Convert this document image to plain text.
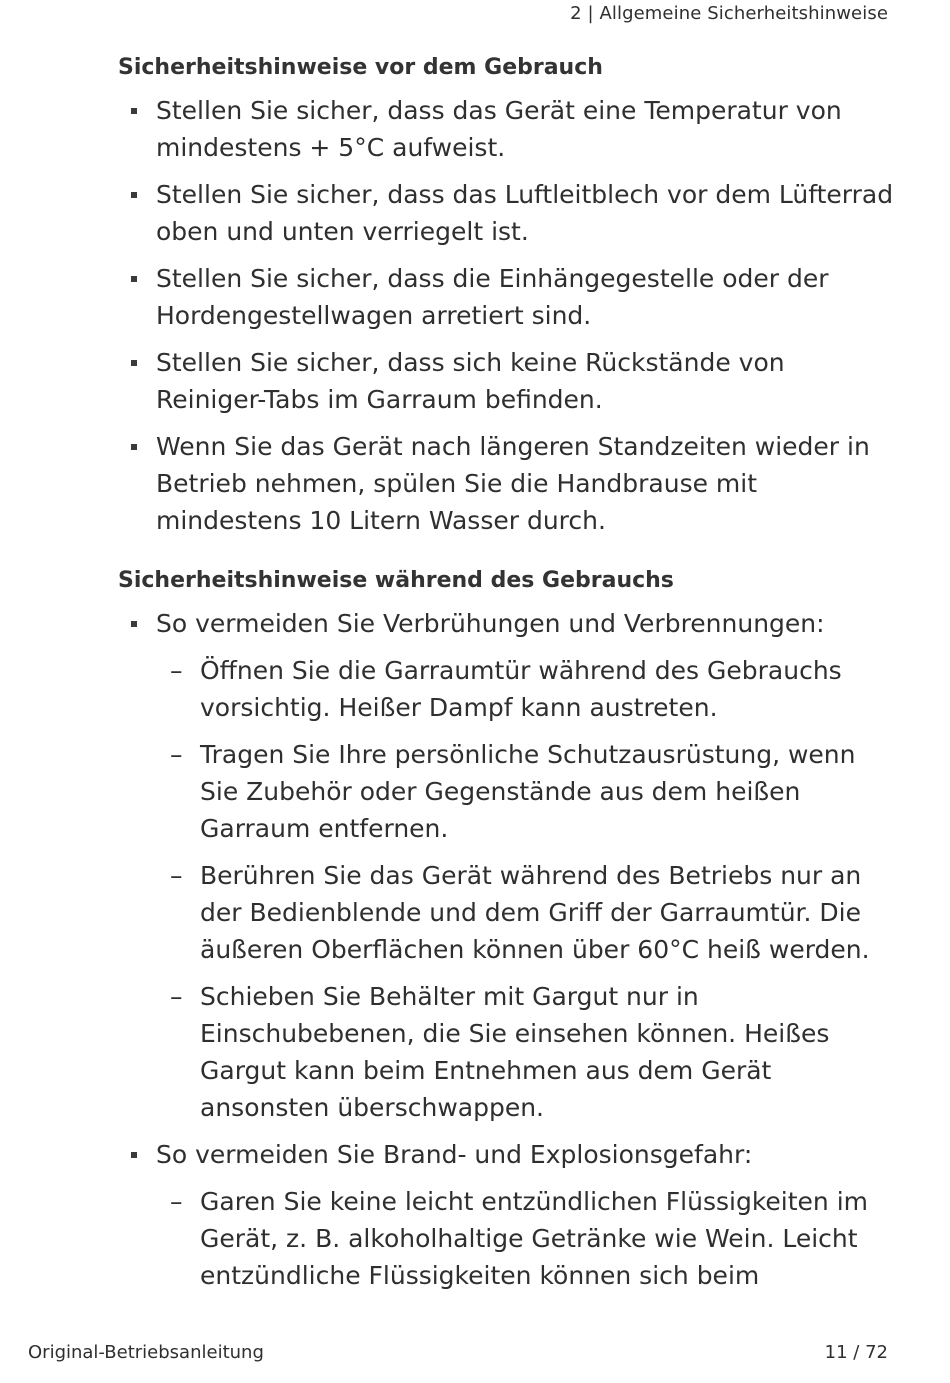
2 | Allgemeine Sicherheitshinweise
Sicherheitshinweise vor dem Gebrauch
Stellen Sie sicher, dass das Gerät eine Temperatur von mindestens + 5°C aufweist.
Stellen Sie sicher, dass das Luftleitblech vor dem Lüfterrad oben und unten verriegelt ist.
Stellen Sie sicher, dass die Einhängegestelle oder der Hordengestellwagen arretiert sind.
Stellen Sie sicher, dass sich keine Rückstände von Reiniger-Tabs im Garraum befinden.
Wenn Sie das Gerät nach längeren Standzeiten wieder in Betrieb nehmen, spülen Sie die Handbrause mit mindestens 10 Litern Wasser durch.
Sicherheitshinweise während des Gebrauchs
So vermeiden Sie Verbrühungen und Verbrennungen:
– Öffnen Sie die Garraumtür während des Gebrauchs vorsichtig. Heißer Dampf kann austreten.
– Tragen Sie Ihre persönliche Schutzausrüstung, wenn Sie Zubehör oder Gegenstände aus dem heißen Garraum entfernen.
– Berühren Sie das Gerät während des Betriebs nur an der Bedienblende und dem Griff der Garraumtür. Die äußeren Oberflächen können über 60°C heiß werden.
– Schieben Sie Behälter mit Gargut nur in Einschubebenen, die Sie einsehen können. Heißes Gargut kann beim Entnehmen aus dem Gerät ansonsten überschwappen.
So vermeiden Sie Brand- und Explosionsgefahr:
– Garen Sie keine leicht entzündlichen Flüssigkeiten im Gerät, z. B. alkoholhaltige Getränke wie Wein. Leicht entzündliche Flüssigkeiten können sich beim
Original-Betriebsanleitung	11 / 72
